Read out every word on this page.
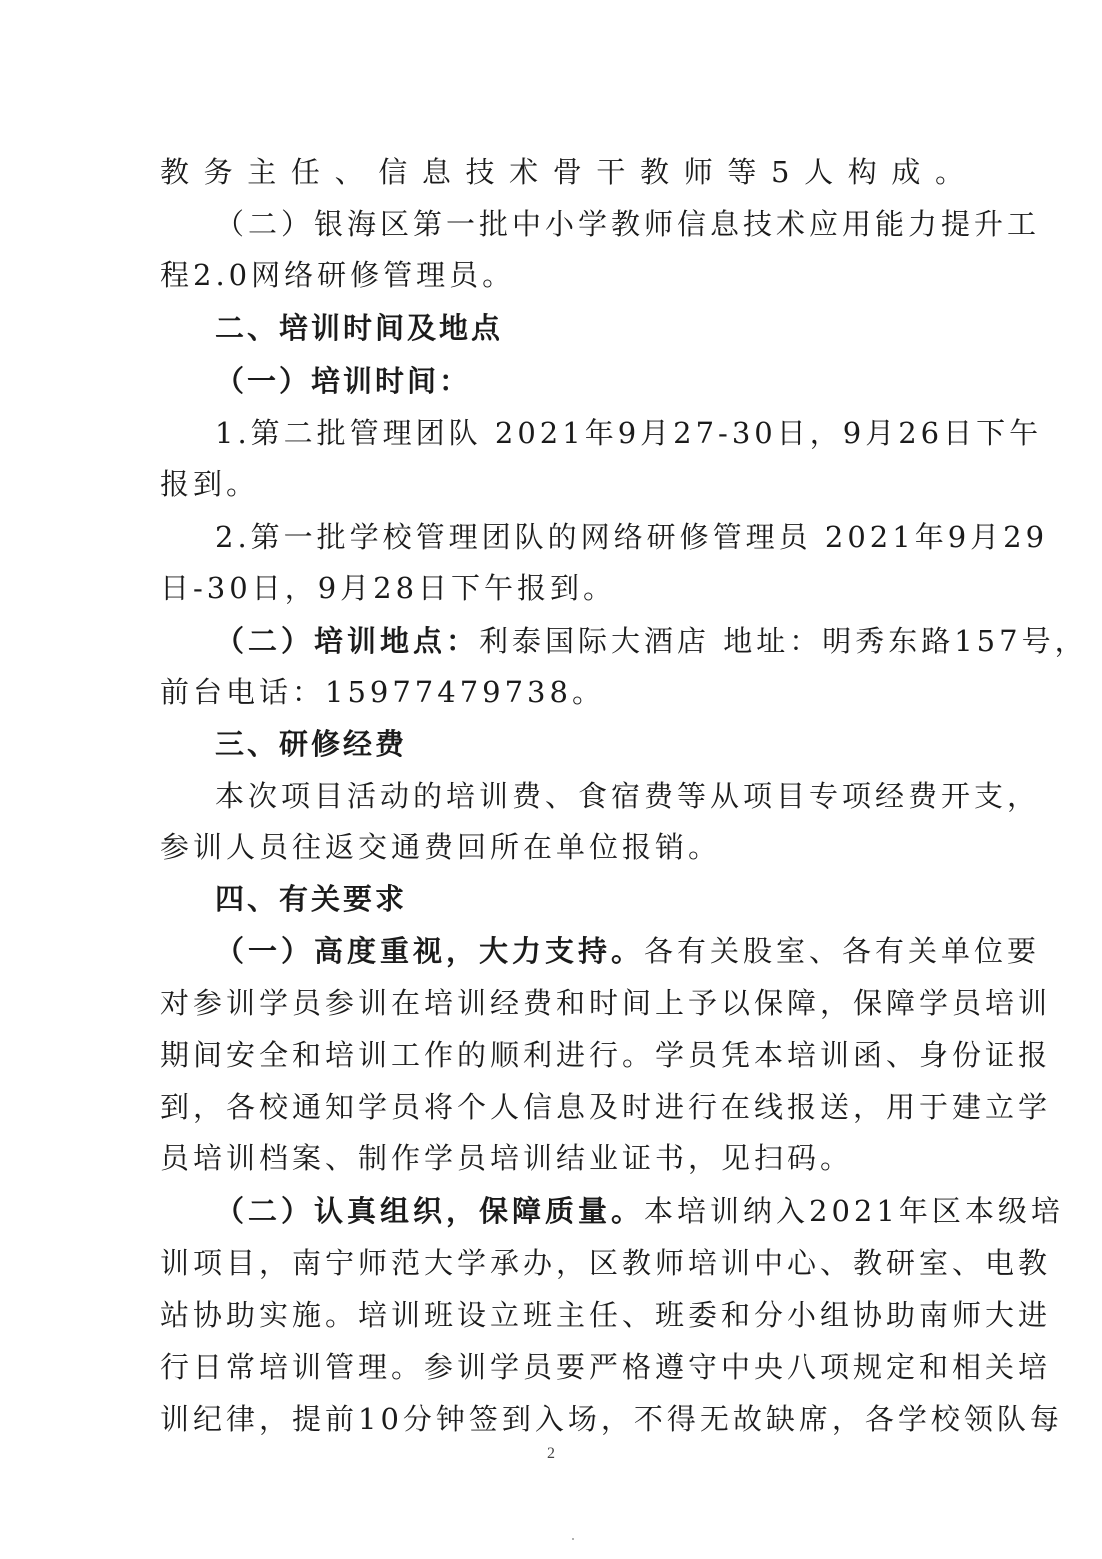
教务主任、信息技术骨干教师等5人构成。
（二）银海区第一批中小学教师信息技术应用能力提升工
程2.0网络研修管理员。
二、培训时间及地点
（一）培训时间：
1.第二批管理团队 2021年9月27-30日，9月26日下午
报到。
2.第一批学校管理团队的网络研修管理员 2021年9月29
日-30日，9月28日下午报到。
（二）培训地点：利泰国际大酒店 地址：明秀东路157号，
前台电话：15977479738。
三、研修经费
本次项目活动的培训费、食宿费等从项目专项经费开支，
参训人员往返交通费回所在单位报销。
四、有关要求
（一）高度重视，大力支持。各有关股室、各有关单位要
对参训学员参训在培训经费和时间上予以保障，保障学员培训
期间安全和培训工作的顺利进行。学员凭本培训函、身份证报
到，各校通知学员将个人信息及时进行在线报送，用于建立学
员培训档案、制作学员培训结业证书，见扫码。
（二）认真组织，保障质量。本培训纳入2021年区本级培
训项目，南宁师范大学承办，区教师培训中心、教研室、电教
站协助实施。培训班设立班主任、班委和分小组协助南师大进
行日常培训管理。参训学员要严格遵守中央八项规定和相关培
训纪律，提前10分钟签到入场，不得无故缺席，各学校领队每
2
